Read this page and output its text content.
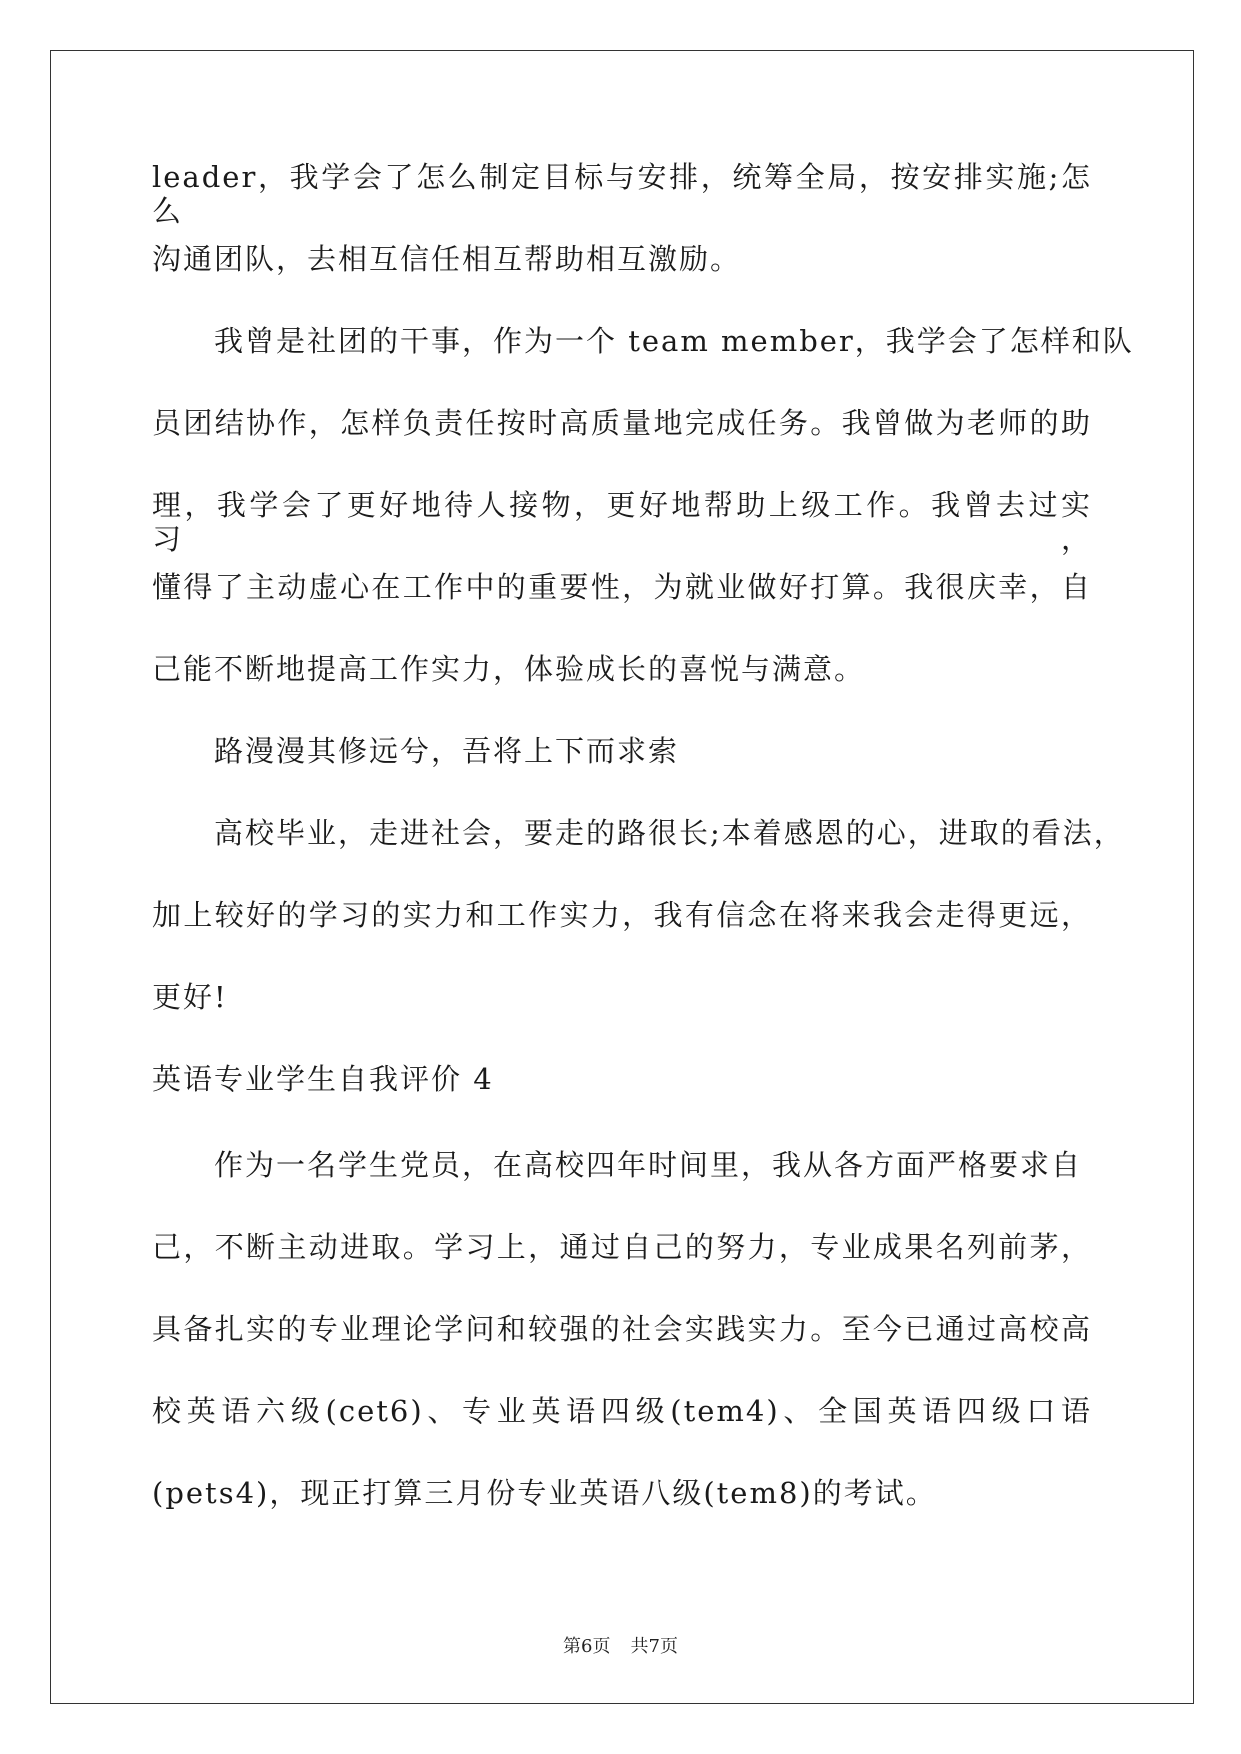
leader，我学会了怎么制定目标与安排，统筹全局，按安排实施;怎么
沟通团队，去相互信任相互帮助相互激励。
我曾是社团的干事，作为一个 team member，我学会了怎样和队
员团结协作，怎样负责任按时高质量地完成任务。我曾做为老师的助
理，我学会了更好地待人接物，更好地帮助上级工作。我曾去过实习，
懂得了主动虚心在工作中的重要性，为就业做好打算。我很庆幸，自
己能不断地提高工作实力，体验成长的喜悦与满意。
路漫漫其修远兮，吾将上下而求索
高校毕业，走进社会，要走的路很长;本着感恩的心，进取的看法，
加上较好的学习的实力和工作实力，我有信念在将来我会走得更远，
更好!
英语专业学生自我评价 4
作为一名学生党员，在高校四年时间里，我从各方面严格要求自
己，不断主动进取。学习上，通过自己的努力，专业成果名列前茅，
具备扎实的专业理论学问和较强的社会实践实力。至今已通过高校高
校英语六级(cet6)、专业英语四级(tem4)、全国英语四级口语
(pets4)，现正打算三月份专业英语八级(tem8)的考试。
第6页 共7页
